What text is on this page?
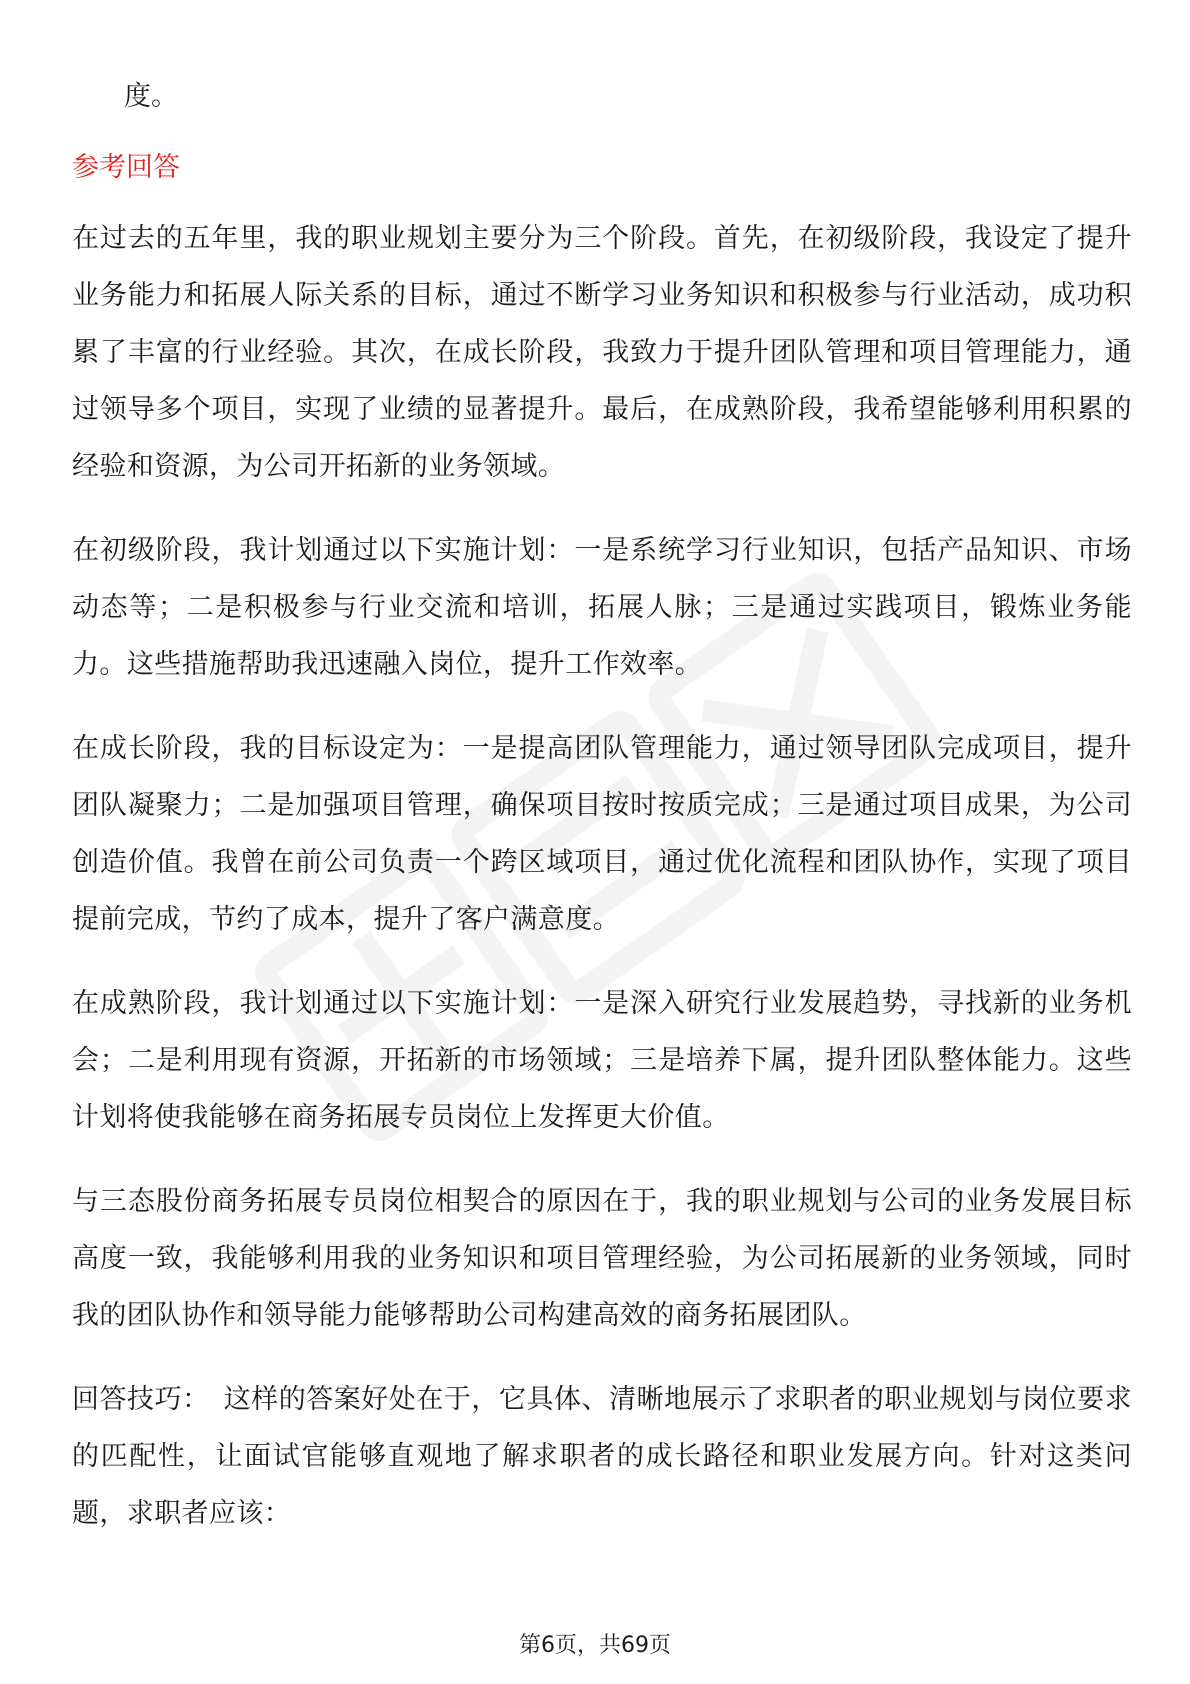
度。

参考回答

在过去的五年里，我的职业规划主要分为三个阶段。首先，在初级阶段，我设定了提升业务能力和拓展人际关系的目标，通过不断学习业务知识和积极参与行业活动，成功积累了丰富的行业经验。其次，在成长阶段，我致力于提升团队管理和项目管理能力，通过领导多个项目，实现了业绩的显著提升。最后，在成熟阶段，我希望能够利用积累的经验和资源，为公司开拓新的业务领域。

在初级阶段，我计划通过以下实施计划：一是系统学习行业知识，包括产品知识、市场动态等；二是积极参与行业交流和培训，拓展人脉；三是通过实践项目，锻炼业务能力。这些措施帮助我迅速融入岗位，提升工作效率。

在成长阶段，我的目标设定为：一是提高团队管理能力，通过领导团队完成项目，提升团队凝聚力；二是加强项目管理，确保项目按时按质完成；三是通过项目成果，为公司创造价值。我曾在前公司负责一个跨区域项目，通过优化流程和团队协作，实现了项目提前完成，节约了成本，提升了客户满意度。

在成熟阶段，我计划通过以下实施计划：一是深入研究行业发展趋势，寻找新的业务机会；二是利用现有资源，开拓新的市场领域；三是培养下属，提升团队整体能力。这些计划将使我能够在商务拓展专员岗位上发挥更大价值。

与三态股份商务拓展专员岗位相契合的原因在于，我的职业规划与公司的业务发展目标高度一致，我能够利用我的业务知识和项目管理经验，为公司拓展新的业务领域，同时我的团队协作和领导能力能够帮助公司构建高效的商务拓展团队。

回答技巧： 这样的答案好处在于，它具体、清晰地展示了求职者的职业规划与岗位要求的匹配性，让面试官能够直观地了解求职者的成长路径和职业发展方向。针对这类问题，求职者应该：

第6页，共69页
